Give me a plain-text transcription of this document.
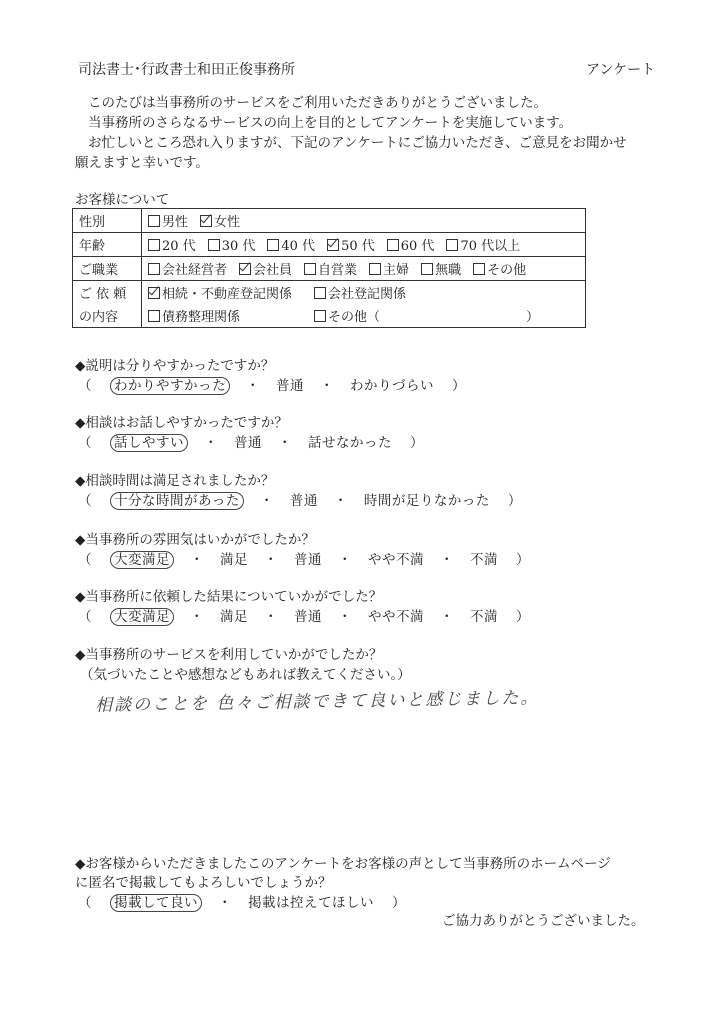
司法書士･行政書士和田正俊事務所	アンケート
このたびは当事務所のサービスをご利用いただきありがとうございました。
当事務所のさらなるサービスの向上を目的としてアンケートを実施しています。
お忙しいところ恐れ入りますが、下記のアンケートにご協力いただき、ご意見をお聞かせ
願えますと幸いです。
お客様について
性別	男性 女性
年齢	20 代 30 代 40 代 50 代 60 代 70 代以上
ご職業	会社経営者 会社員 自営業 主婦 無職 その他
ご 依 頼	相続・不動産登記関係 会社登記関係
の内容	債務整理関係 その他（ ）
◆説明は分りやすかったですか？
（ わかりやすかった ・ 普通 ・ わかりづらい ）
◆相談はお話しやすかったですか？
（ 話しやすい ・ 普通 ・ 話せなかった ）
◆相談時間は満足されましたか？
（ 十分な時間があった ・ 普通 ・ 時間が足りなかった ）
◆当事務所の雰囲気はいかがでしたか？
（ 大変満足 ・ 満足 ・ 普通 ・ やや不満 ・ 不満 ）
◆当事務所に依頼した結果についていかがでした？
（ 大変満足 ・ 満足 ・ 普通 ・ やや不満 ・ 不満 ）
◆当事務所のサービスを利用していかがでしたか？
（気づいたことや感想などもあれば教えてください。）
相談のことを 色々ご相談できて良いと感じました。
◆お客様からいただきましたこのアンケートをお客様の声として当事務所のホームページ
に匿名で掲載してもよろしいでしょうか？
（ 掲載して良い ・ 掲載は控えてほしい ）
ご協力ありがとうございました。
